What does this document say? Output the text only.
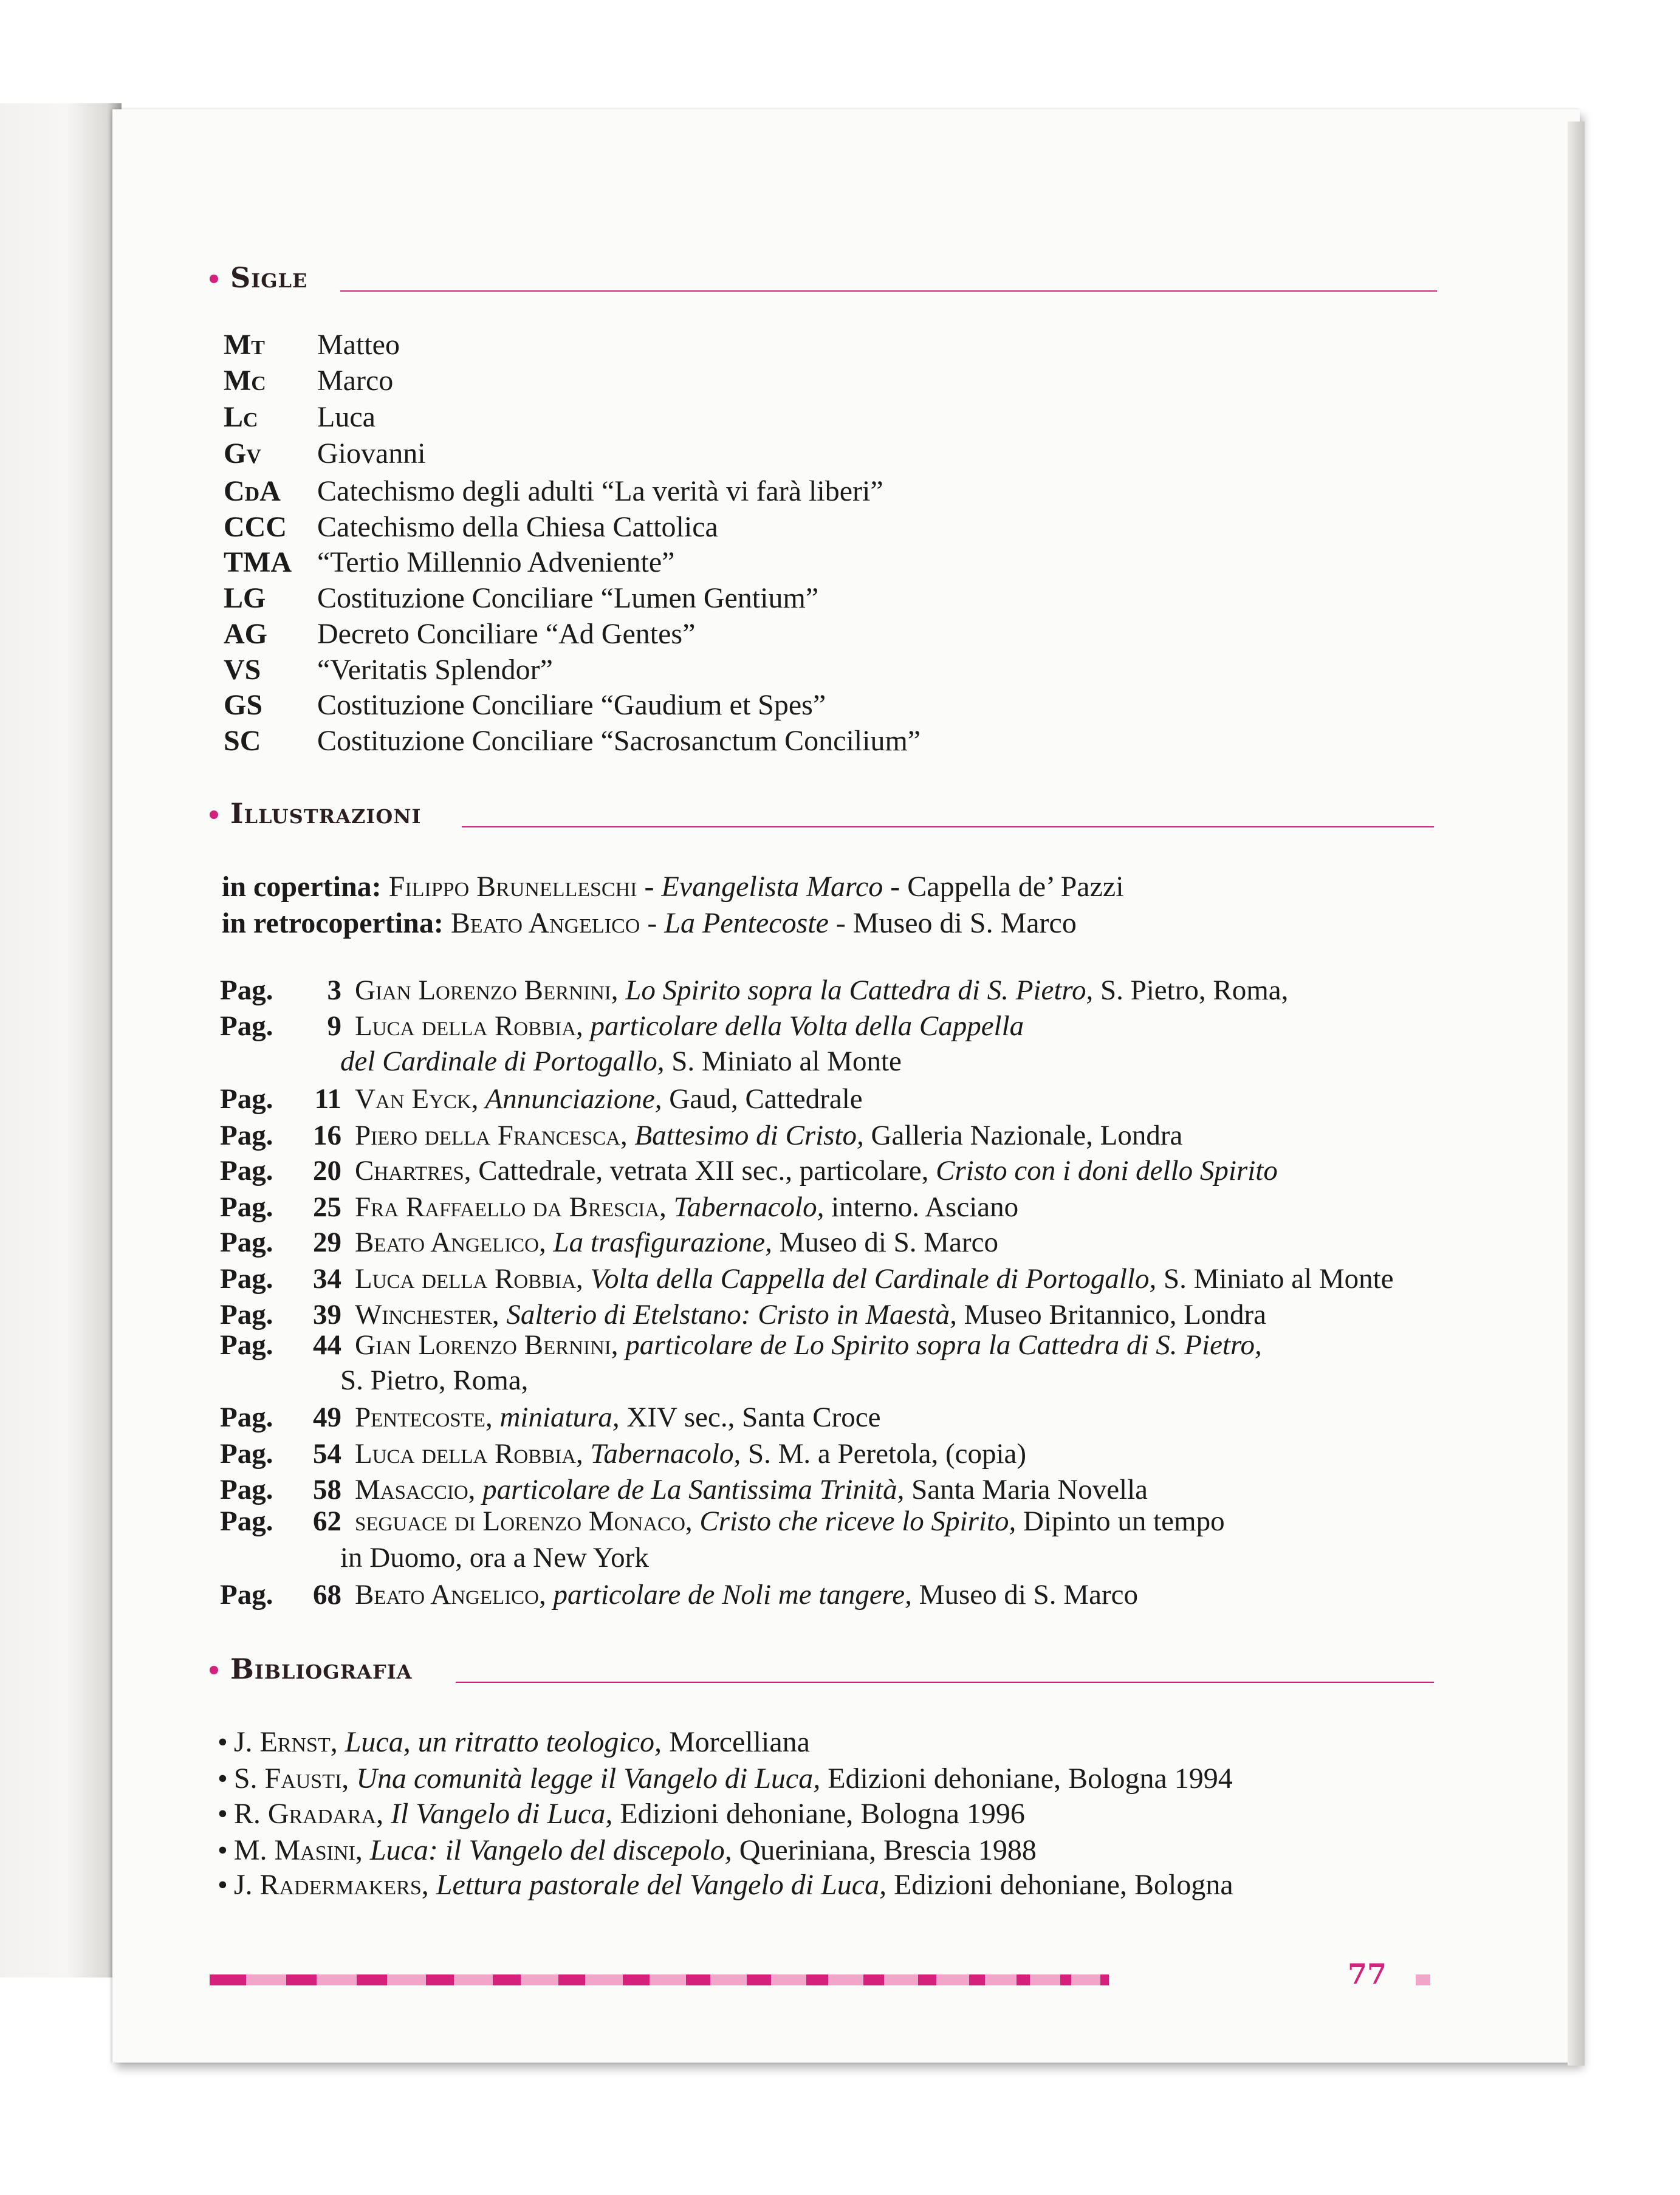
Sigle
Mt Matteo
Mc Marco
Lc Luca
Gv Giovanni
CdA Catechismo degli adulti “La verità vi farà liberi”
CCC Catechismo della Chiesa Cattolica
TMA “Tertio Millennio Adveniente”
LG Costituzione Conciliare “Lumen Gentium”
AG Decreto Conciliare “Ad Gentes”
VS “Veritatis Splendor”
GS Costituzione Conciliare “Gaudium et Spes”
SC Costituzione Conciliare “Sacrosanctum Concilium”
Illustrazioni
in copertina: Filippo Brunelleschi - Evangelista Marco - Cappella de’ Pazzi
in retrocopertina: Beato Angelico - La Pentecoste - Museo di S. Marco
Pag. 3 Gian Lorenzo Bernini, Lo Spirito sopra la Cattedra di S. Pietro, S. Pietro, Roma,
Pag. 9 Luca della Robbia, particolare della Volta della Cappella
Pag. 11 Van Eyck, Annunciazione, Gaud, Cattedrale
Pag. 16 Piero della Francesca, Battesimo di Cristo, Galleria Nazionale, Londra
Pag. 20 Chartres, Cattedrale, vetrata XII sec., particolare, Cristo con i doni dello Spirito
Pag. 25 Fra Raffaello da Brescia, Tabernacolo, interno. Asciano
Pag. 29 Beato Angelico, La trasfigurazione, Museo di S. Marco
Pag. 34 Luca della Robbia, Volta della Cappella del Cardinale di Portogallo, S. Miniato al Monte
Pag. 39 Winchester, Salterio di Etelstano: Cristo in Maestà, Museo Britannico, Londra
Pag. 44 Gian Lorenzo Bernini, particolare de Lo Spirito sopra la Cattedra di S. Pietro,
Pag. 49 Pentecoste, miniatura, XIV sec., Santa Croce
Pag. 54 Luca della Robbia, Tabernacolo, S. M. a Peretola, (copia)
Pag. 58 Masaccio, particolare de La Santissima Trinità, Santa Maria Novella
Pag. 62 seguace di Lorenzo Monaco, Cristo che riceve lo Spirito, Dipinto un tempo
Pag. 68 Beato Angelico, particolare de Noli me tangere, Museo di S. Marco
del Cardinale di Portogallo, S. Miniato al Monte
S. Pietro, Roma,
in Duomo, ora a New York
Bibliografia
• J. Ernst, Luca, un ritratto teologico, Morcelliana
• S. Fausti, Una comunità legge il Vangelo di Luca, Edizioni dehoniane, Bologna 1994
• R. Gradara, Il Vangelo di Luca, Edizioni dehoniane, Bologna 1996
• M. Masini, Luca: il Vangelo del discepolo, Queriniana, Brescia 1988
• J. Radermakers, Lettura pastorale del Vangelo di Luca, Edizioni dehoniane, Bologna
77
